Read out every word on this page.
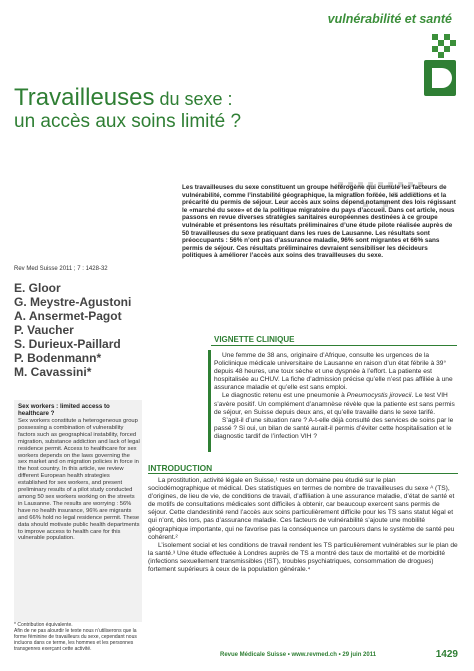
vulnérabilité et santé
Travailleuses du sexe :
un accès aux soins limité ?
Rev Med Suisse 2011 ; 7 : 1428-32
E. Gloor
G. Meystre-Agustoni
A. Ansermet-Pagot
P. Vaucher
S. Durieux-Paillard
P. Bodenmann*
M. Cavassini*
Les travailleuses du sexe constituent un groupe hétérogène qui cumule les facteurs de vulnérabilité, comme l’instabilité géographique, la migration forcée, les addictions et la précarité du permis de séjour. Leur accès aux soins dépend notamment des lois régissant le «marché du sexe» et de la politique migratoire du pays d’accueil. Dans cet article, nous passons en revue diverses stratégies sanitaires européennes destinées à ce groupe vulnérable et présentons les résultats préliminaires d’une étude pilote réalisée auprès de 50 travailleuses du sexe pratiquant dans les rues de Lausanne. Les résultats sont préoccupants : 56% n’ont pas d’assurance maladie, 96% sont migrantes et 66% sans permis de séjour. Ces résultats préliminaires devraient sensibiliser les décideurs politiques à améliorer l’accès aux soins des travailleuses du sexe.
VIGNETTE CLINIQUE
Une femme de 38 ans, originaire d’Afrique, consulte les urgences de la Policlinique médicale universitaire de Lausanne en raison d’un état fébrile à 39° depuis 48 heures, une toux sèche et une dyspnée à l’effort. La patiente est hospitalisée au CHUV. La fiche d’admission précise qu’elle n’est pas affiliée à une assurance maladie et qu’elle est sans emploi.
Le diagnostic retenu est une pneumonie à Pneumocystis jirovecii. Le test VIH s’avère positif. Un complément d’anamnèse révèle que la patiente est sans permis de séjour, en Suisse depuis deux ans, et qu’elle travaille dans le sexe tarifé.
S’agit-il d’une situation rare ? A-t-elle déjà consulté des services de soins par le passé ? Si oui, un bilan de santé aurait-il permis d’éviter cette hospitalisation et le diagnostic tardif de l’infection VIH ?
Sex workers : limited access to healthcare ?
Sex workers constitute a heterogeneous group possessing a combination of vulnerability factors such as geographical instability, forced migration, substance addiction and lack of legal residence permit. Access to healthcare for sex workers depends on the laws governing the sex market and on migration policies in force in the host country. In this article, we review different European health strategies established for sex workers, and present preliminary results of a pilot study conducted among 50 sex workers working on the streets in Lausanne. The results are worrying : 56% have no health insurance, 96% are migrants and 66% hold no legal residence permit. These data should motivate public health departments to improve access to health care for this vulnerable population.
* Contribution équivalente.
Afin de ne pas alourdir le texte nous n’utiliserons que la forme féminine de travailleurs du sexe, cependant nous incluons dans ce terme, les hommes et les personnes transgenres exerçant cette activité.
INTRODUCTION
La prostitution, activité légale en Suisse,¹ reste un domaine peu étudié sur le plan sociodémographique et médical. Des statistiques en termes de nombre de travailleuses du sexe ᴬ (TS), d’origines, de lieu de vie, de conditions de travail, d’affiliation à une assurance maladie, d’état de santé et de motifs de consultations médicales sont difficiles à obtenir, car beaucoup exercent sans permis de séjour. Cette clandestinité rend l’accès aux soins particulièrement difficile pour les TS sans statut légal et qui n’ont, dès lors, pas d’assurance maladie. Ces facteurs de vulnérabilité s’ajoute une mobilité géographique importante, qui ne favorise pas la conséquence un parcours dans le système de santé peu cohérent.²
L’isolement social et les conditions de travail rendent les TS particulièrement vulnérables sur le plan de la santé.³ Une étude effectuée à Londres auprès de TS a montré des taux de mortalité et de morbidité (infections sexuellement transmissibles (IST), troubles psychiatriques, consommation de drogues) fortement supérieurs à ceux de la population générale.⁴
Revue Médicale Suisse • www.revmed.ch • 29 juin 2011	1429
